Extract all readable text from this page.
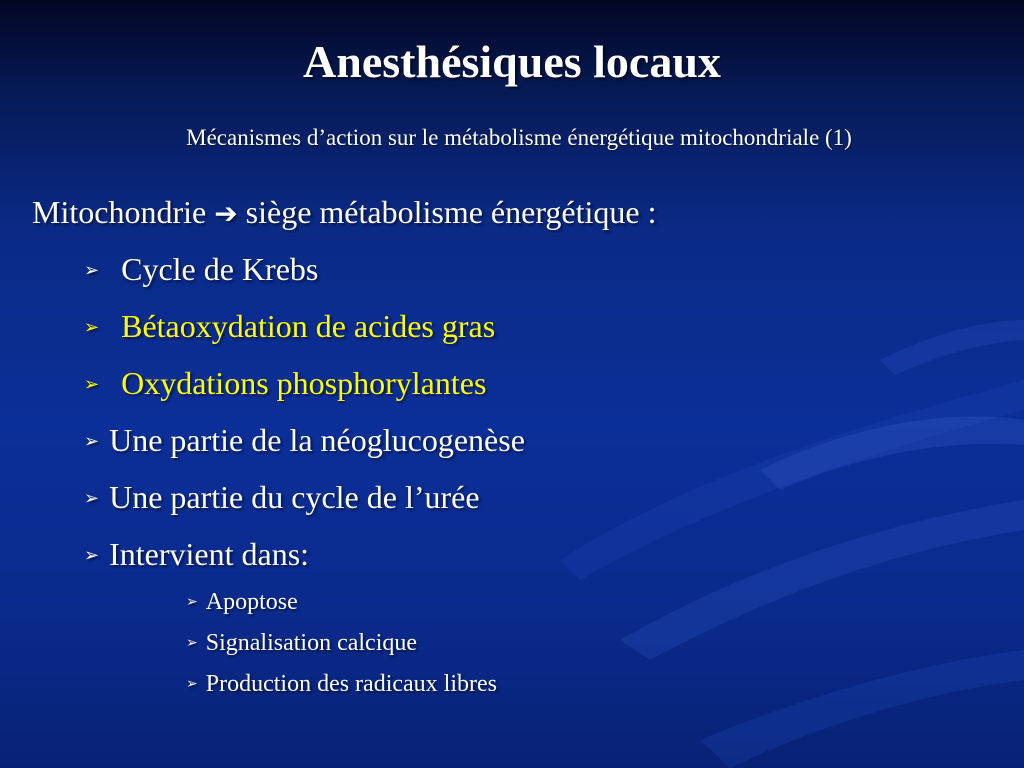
Anesthésiques locaux
Mécanismes d’action sur le métabolisme énergétique mitochondriale (1)
Mitochondrie ➔ siège métabolisme énergétique :
➢ Cycle de Krebs
➢ Bétaoxydation de acides gras
➢ Oxydations phosphorylantes
➢ Une partie de la néoglucogenèse
➢ Une partie du cycle de l’urée
➢ Intervient dans:
➢ Apoptose
➢ Signalisation calcique
➢ Production des radicaux libres
